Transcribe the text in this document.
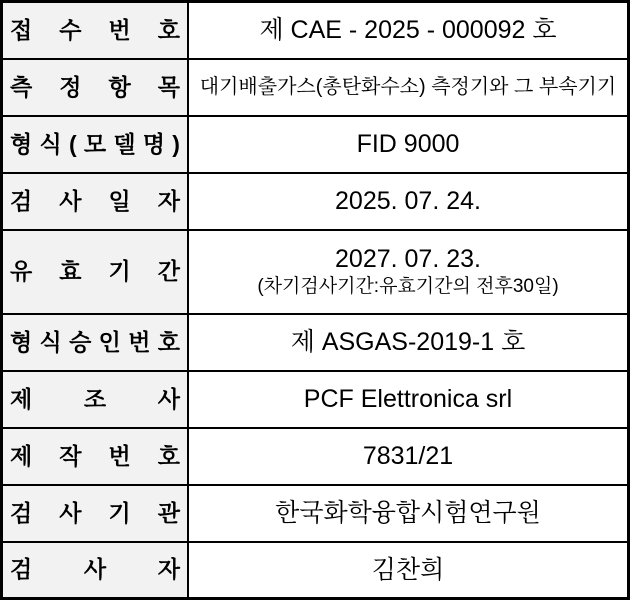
접 수 번 호	제 CAE - 2025 - 000092 호

측 정 항 목	대기배출가스(총탄화수소) 측정기와 그 부속기기

형 식 ( 모 델 명 )	FID 9000

검 사 일 자	2025. 07. 24.

유 효 기 간	2027. 07. 23.
(차기검사기간:유효기간의 전후30일)

형 식 승 인 번 호	제 ASGAS-2019-1 호

제 조 사	PCF Elettronica srl

제 작 번 호	7831/21

검 사 기 관	한국화학융합시험연구원

검 사 자	김찬희
